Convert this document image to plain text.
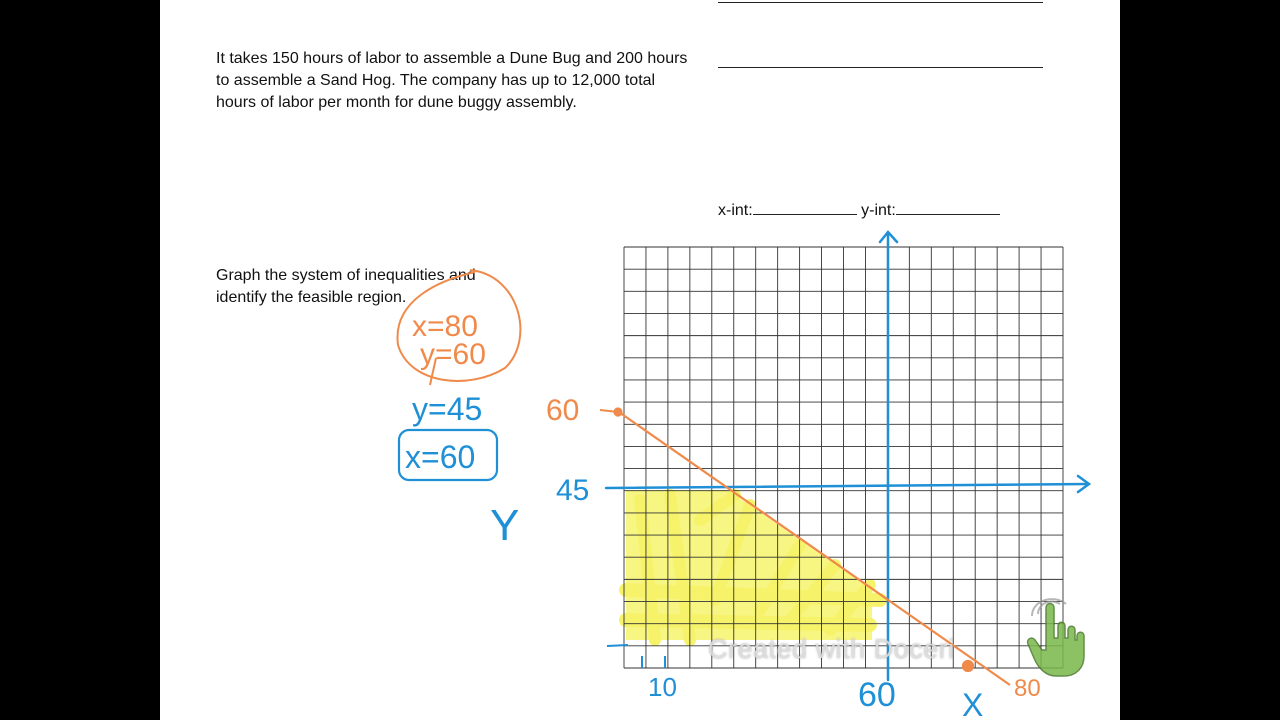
It takes 150 hours of labor to assemble a Dune Bug and 200 hours to assemble a Sand Hog. The company has up to 12,000 total hours of labor per month for dune buggy assembly.
x-int:	y-int:
Graph the system of inequalities and identify the feasible region.
x=80
y=60
y=45
x=60
Y
60
45
10	60 X 80
Created with Doceri
